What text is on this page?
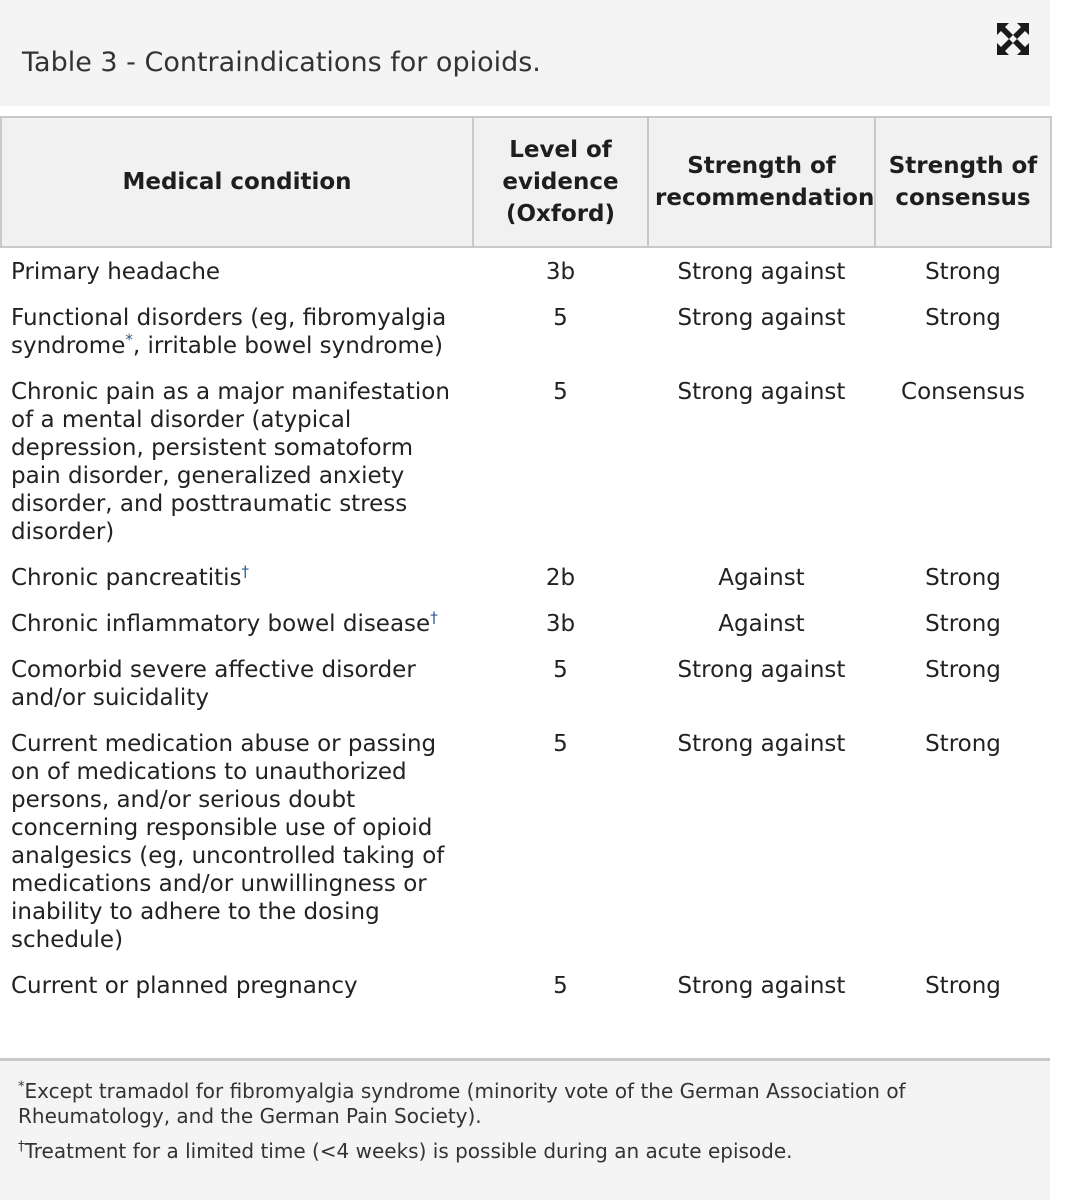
Table 3 - Contraindications for opioids.
Medical condition	Level of evidence (Oxford)	Strength of recommendation	Strength of consensus
Primary headache	3b	Strong against	Strong
Functional disorders (eg, fibromyalgia syndrome*, irritable bowel syndrome)	5	Strong against	Strong
Chronic pain as a major manifestation of a mental disorder (atypical depression, persistent somatoform pain disorder, generalized anxiety disorder, and posttraumatic stress disorder)	5	Strong against	Consensus
Chronic pancreatitis†	2b	Against	Strong
Chronic inflammatory bowel disease†	3b	Against	Strong
Comorbid severe affective disorder and/or suicidality	5	Strong against	Strong
Current medication abuse or passing on of medications to unauthorized persons, and/or serious doubt concerning responsible use of opioid analgesics (eg, uncontrolled taking of medications and/or unwillingness or inability to adhere to the dosing schedule)	5	Strong against	Strong
Current or planned pregnancy	5	Strong against	Strong
*Except tramadol for fibromyalgia syndrome (minority vote of the German Association of Rheumatology, and the German Pain Society).
†Treatment for a limited time (<4 weeks) is possible during an acute episode.
